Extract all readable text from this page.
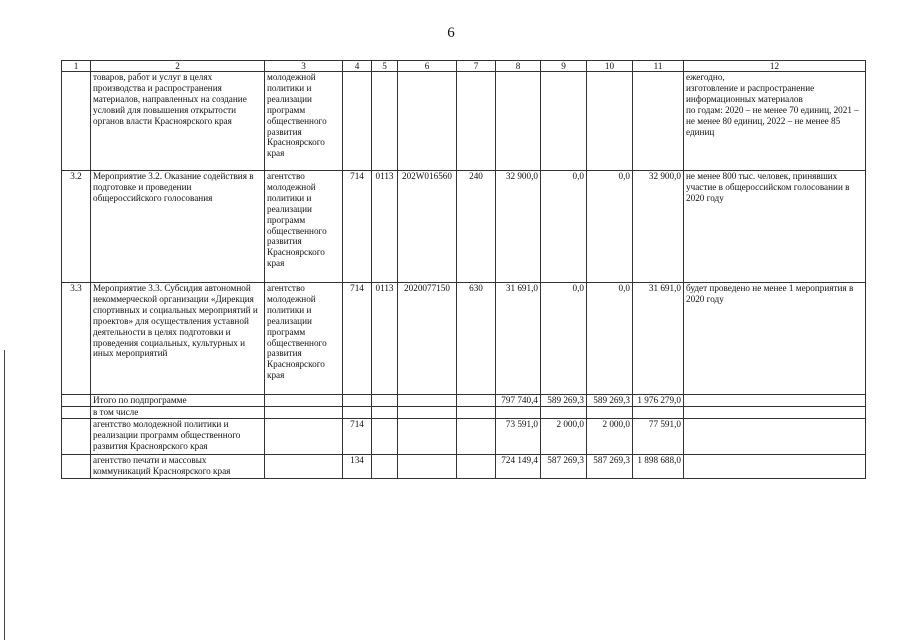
6
1	2	3	4	5	6	7	8	9	10	11	12
	товаров, работ и услуг в целях производства и распространения материалов, направленных на создание условий для повышения открытости органов власти Красноярского края	молодежной политики и реализации программ общественного развития Красноярского края									ежегодно,
изготовление и распространение информационных материалов
по годам: 2020 – не менее 70 единиц, 2021 – не менее 80 единиц, 2022 – не менее 85 единиц
3.2	Мероприятие 3.2. Оказание содействия в подготовке и проведении общероссийского голосования	агентство молодежной политики и реализации программ общественного развития Красноярского края	714	0113	202W016560	240	32 900,0	0,0	0,0	32 900,0	не менее 800 тыс. человек, принявших участие в общероссийском голосовании в 2020 году
3.3	Мероприятие 3.3. Субсидия автономной некоммерческой организации «Дирекция спортивных и социальных мероприятий и проектов» для осуществления уставной деятельности в целях подготовки и проведения социальных, культурных и иных мероприятий	агентство молодежной политики и реализации программ общественного развития Красноярского края	714	0113	2020077150	630	31 691,0	0,0	0,0	31 691,0	будет проведено не менее 1 мероприятия в 2020 году
	Итого по подпрограмме						797 740,4	589 269,3	589 269,3	1 976 279,0	
	в том числе										
	агентство молодежной политики и реализации программ общественного развития Красноярского края		714				73 591,0	2 000,0	2 000,0	77 591,0	
	агентство печати и массовых коммуникаций Красноярского края		134				724 149,4	587 269,3	587 269,3	1 898 688,0	
